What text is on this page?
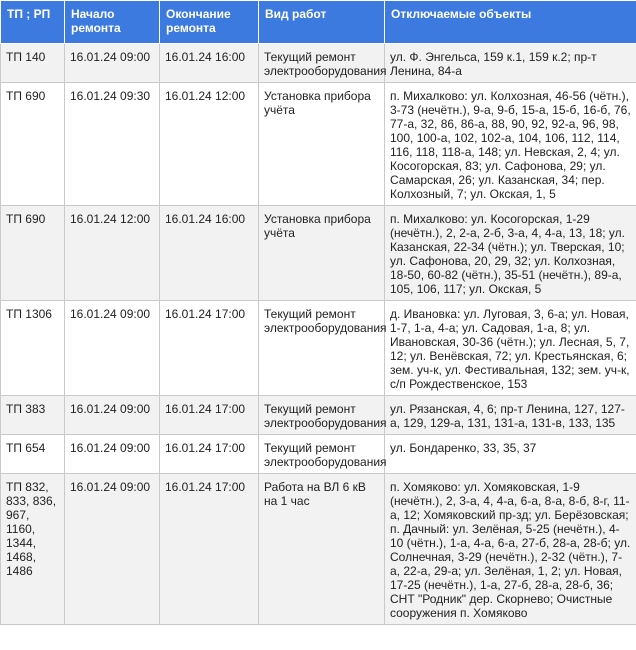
ТП ; РП	Начало ремонта	Окончание ремонта	Вид работ	Отключаемые объекты
ТП 140	16.01.24 09:00	16.01.24 16:00	Текущий ремонт электрооборудования	ул. Ф. Энгельса, 159 к.1, 159 к.2; пр-т Ленина, 84-а
ТП 690	16.01.24 09:30	16.01.24 12:00	Установка прибора учёта	п. Михалково: ул. Колхозная, 46-56 (чётн.), 3-73 (нечётн.), 9-а, 9-б, 15-а, 15-б, 16-б, 76, 77-а, 32, 86, 86-а, 88, 90, 92, 92-а, 96, 98, 100, 100-а, 102, 102-а, 104, 106, 112, 114, 116, 118, 118-а, 148; ул. Невская, 2, 4; ул. Косогорская, 83; ул. Сафонова, 29; ул. Самарская, 26; ул. Казанская, 34; пер. Колхозный, 7; ул. Окская, 1, 5
ТП 690	16.01.24 12:00	16.01.24 16:00	Установка прибора учёта	п. Михалково: ул. Косогорская, 1-29 (нечётн.), 2, 2-а, 2-б, 3-а, 4, 4-а, 13, 18; ул. Казанская, 22-34 (чётн.); ул. Тверская, 10; ул. Сафонова, 20, 29, 32; ул. Колхозная, 18-50, 60-82 (чётн.), 35-51 (нечётн.), 89-а, 105, 106, 117; ул. Окская, 5
ТП 1306	16.01.24 09:00	16.01.24 17:00	Текущий ремонт электрооборудования	д. Ивановка: ул. Луговая, 3, 6-а; ул. Новая, 1-7, 1-а, 4-а; ул. Садовая, 1-а, 8; ул. Ивановская, 30-36 (чётн.); ул. Лесная, 5, 7, 12; ул. Венёвская, 72; ул. Крестьянская, 6; зем. уч-к, ул. Фестивальная, 132; зем. уч-к, с/п Рождественское, 153
ТП 383	16.01.24 09:00	16.01.24 17:00	Текущий ремонт электрооборудования	ул. Рязанская, 4, 6; пр-т Ленина, 127, 127-а, 129, 129-а, 131, 131-а, 131-в, 133, 135
ТП 654	16.01.24 09:00	16.01.24 17:00	Текущий ремонт электрооборудования	ул. Бондаренко, 33, 35, 37
ТП 832, 833, 836, 967, 1160, 1344, 1468, 1486	16.01.24 09:00	16.01.24 17:00	Работа на ВЛ 6 кВ на 1 час	п. Хомяково: ул. Хомяковская, 1-9 (нечётн.), 2, 3-а, 4, 4-а, 6-а, 8-а, 8-б, 8-г, 11-а, 12; Хомяковский пр-зд; ул. Берёзовская; п. Дачный: ул. Зелёная, 5-25 (нечётн.), 4-10 (чётн.), 1-а, 4-а, 6-а, 27-б, 28-а, 28-б; ул. Солнечная, 3-29 (нечётн.), 2-32 (чётн.), 7-а, 22-а, 29-а; ул. Зелёная, 1, 2; ул. Новая, 17-25 (нечётн.), 1-а, 27-б, 28-а, 28-б, 36; СНТ "Родник" дер. Скорнево; Очистные сооружения п. Хомяково
